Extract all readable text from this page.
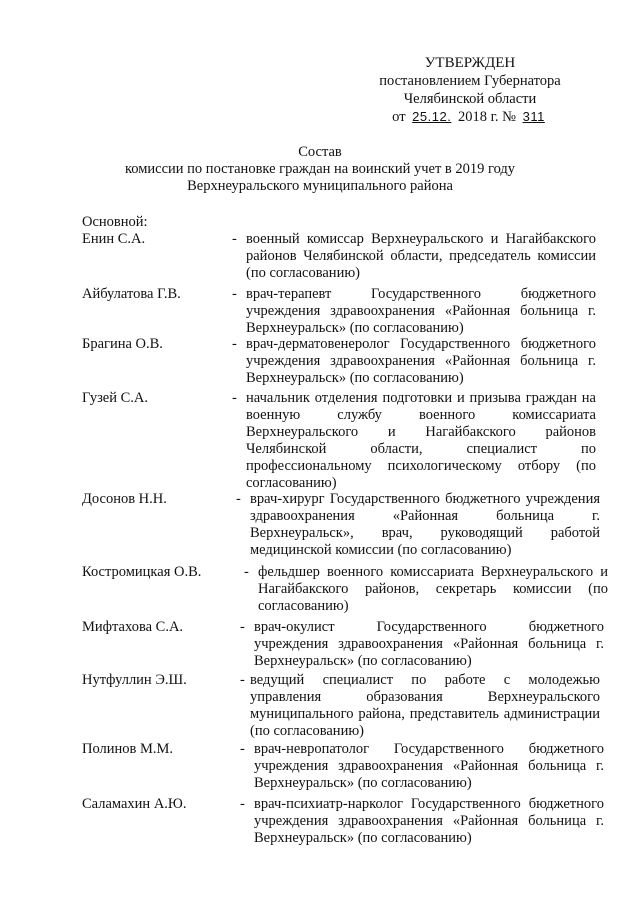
УТВЕРЖДЕН
постановлением Губернатора
Челябинской области
от 25.12. 2018 г. № 311
Состав
комиссии по постановке граждан на воинский учет в 2019 году
Верхнеуральского муниципального района
Основной:
Енин С.А.	- военный комиссар Верхнеуральского и Нагайбакского районов Челябинской области, председатель комиссии (по согласованию)
Айбулатова Г.В.	- врач-терапевт Государственного бюджетного учреждения здравоохранения «Районная больница г. Верхнеуральск» (по согласованию)
Брагина О.В.	- врач-дерматовенеролог Государственного бюджетного учреждения здравоохранения «Районная больница г. Верхнеуральск» (по согласованию)
Гузей С.А.	- начальник отделения подготовки и призыва граждан на военную службу военного комиссариата Верхнеуральского и Нагайбакского районов Челябинской области, специалист по профессиональному психологическому отбору (по согласованию)
Досонов Н.Н.	- врач-хирург Государственного бюджетного учреждения здравоохранения «Районная больница г. Верхнеуральск», врач, руководящий работой медицинской комиссии (по согласованию)
Костромицкая О.В.	- фельдшер военного комиссариата Верхнеуральского и Нагайбакского районов, секретарь комиссии (по согласованию)
Мифтахова С.А.	- врач-окулист Государственного бюджетного учреждения здравоохранения «Районная больница г. Верхнеуральск» (по согласованию)
Нутфуллин Э.Ш.	- ведущий специалист по работе с молодежью управления образования Верхнеуральского муниципального района, представитель администрации (по согласованию)
Полинов М.М.	- врач-невропатолог Государственного бюджетного учреждения здравоохранения «Районная больница г. Верхнеуральск» (по согласованию)
Саламахин А.Ю.	- врач-психиатр-нарколог Государственного бюджетного учреждения здравоохранения «Районная больница г. Верхнеуральск» (по согласованию)
